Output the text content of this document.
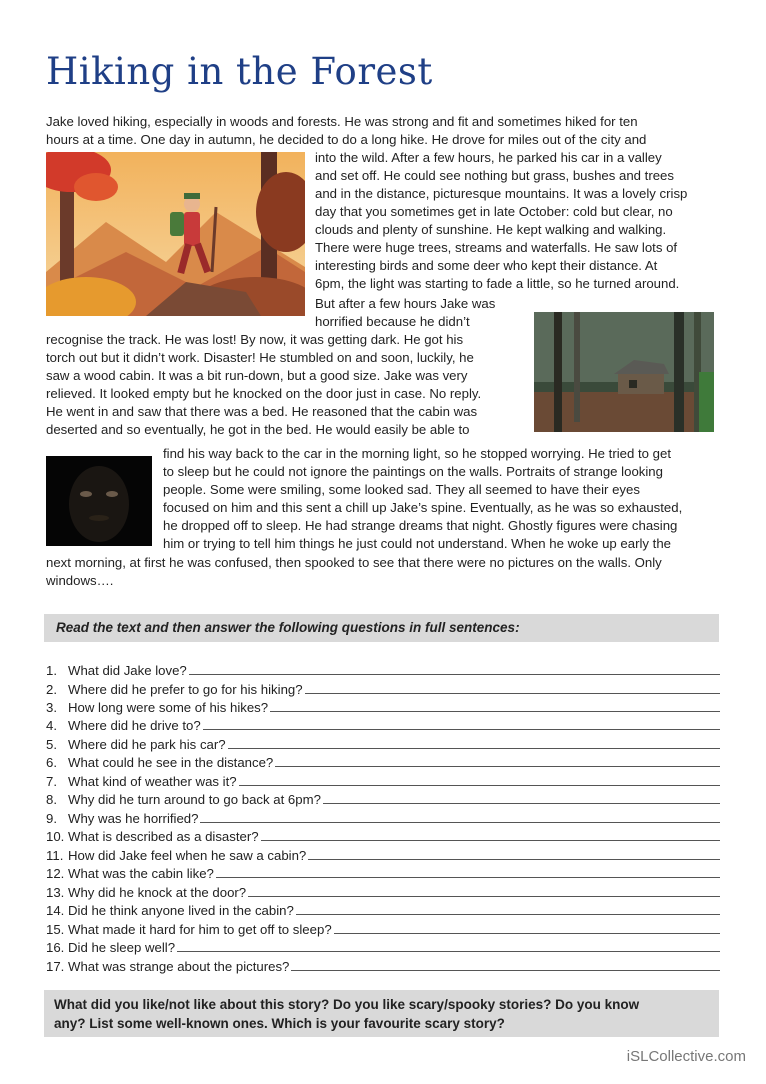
Hiking in the Forest
Jake loved hiking, especially in woods and forests. He was strong and fit and sometimes hiked for ten
hours at a time. One day in autumn, he decided to do a long hike. He drove for miles out of the city and
into the wild. After a few hours, he parked his car in a valley
and set off. He could see nothing but grass, bushes and trees
and in the distance, picturesque mountains. It was a lovely crisp
day that you sometimes get in late October: cold but clear, no
clouds and plenty of sunshine. He kept walking and walking.
There were huge trees, streams and waterfalls. He saw lots of
interesting birds and some deer who kept their distance. At
6pm, the light was starting to fade a little, so he turned around.
But after a few hours Jake was
horrified because he didn’t
recognise the track. He was lost! By now, it was getting dark. He got his
torch out but it didn’t work. Disaster! He stumbled on and soon, luckily, he
saw a wood cabin. It was a bit run-down, but a good size. Jake was very
relieved. It looked empty but he knocked on the door just in case. No reply.
He went in and saw that there was a bed. He reasoned that the cabin was
deserted and so eventually, he got in the bed. He would easily be able to
find his way back to the car in the morning light, so he stopped worrying. He tried to get
to sleep but he could not ignore the paintings on the walls. Portraits of strange looking
people. Some were smiling, some looked sad. They all seemed to have their eyes
focused on him and this sent a chill up Jake’s spine. Eventually, as he was so exhausted,
he dropped off to sleep. He had strange dreams that night. Ghostly figures were chasing
him or trying to tell him things he just could not understand. When he woke up early the
next morning, at first he was confused, then spooked to see that there were no pictures on the walls. Only
windows….
Read the text and then answer the following questions in full sentences:
1. What did Jake love?
2. Where did he prefer to go for his hiking?
3. How long were some of his hikes?
4. Where did he drive to?
5. Where did he park his car?
6. What could he see in the distance?
7. What kind of weather was it?
8. Why did he turn around to go back at 6pm?
9. Why was he horrified?
10. What is described as a disaster?
11. How did Jake feel when he saw a cabin?
12. What was the cabin like?
13. Why did he knock at the door?
14. Did he think anyone lived in the cabin?
15. What made it hard for him to get off to sleep?
16. Did he sleep well?
17. What was strange about the pictures?
What did you like/not like about this story? Do you like scary/spooky stories? Do you know
any? List some well-known ones. Which is your favourite scary story?
iSLCollective.com
